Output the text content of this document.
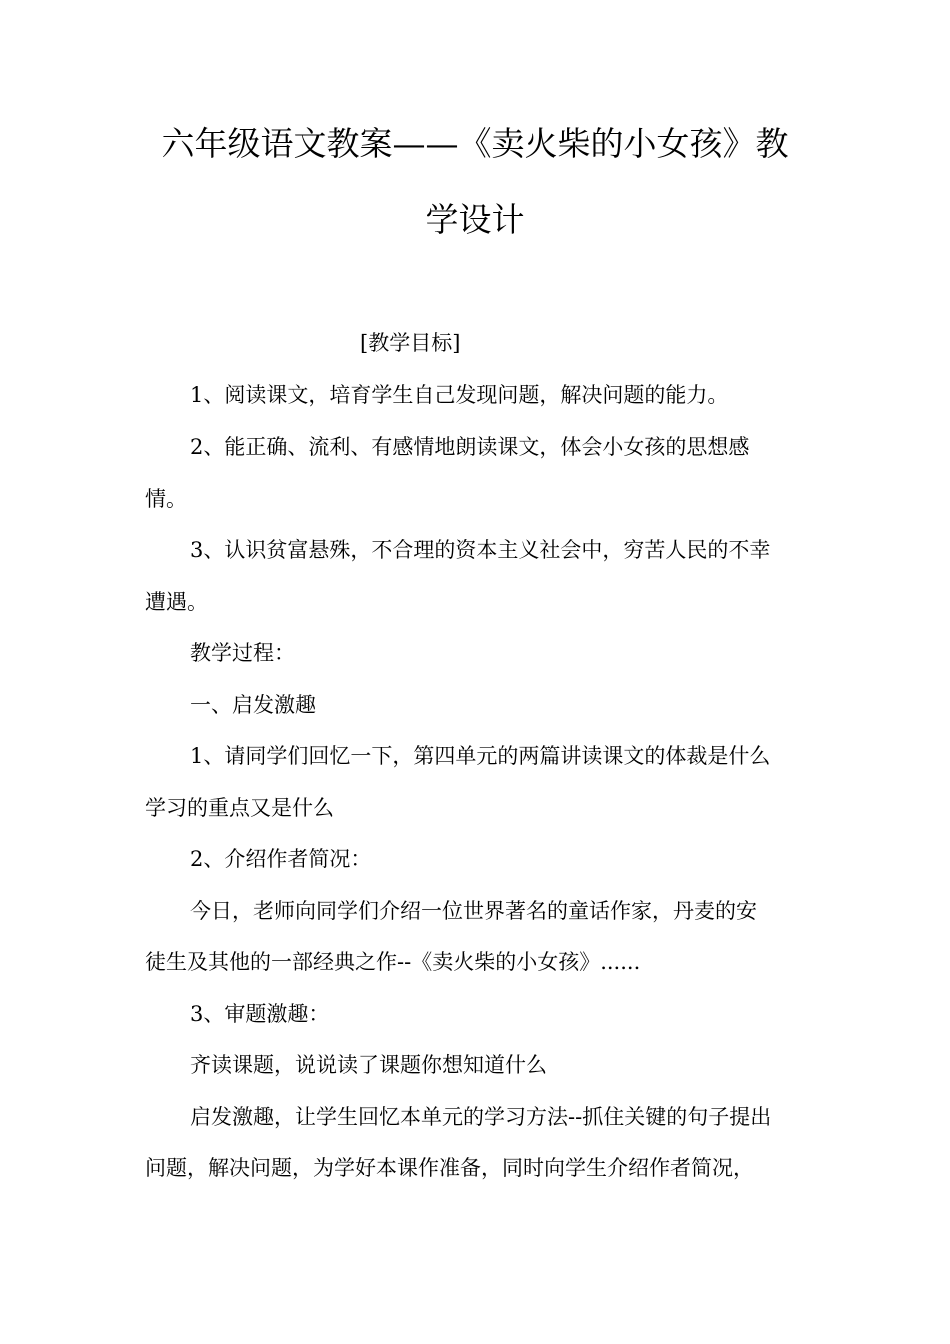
六年级语文教案——《卖火柴的小女孩》教
学设计

[教学目标]

1、阅读课文，培育学生自己发现问题，解决问题的能力。

2、能正确、流利、有感情地朗读课文，体会小女孩的思想感

情。

3、认识贫富悬殊，不合理的资本主义社会中，穷苦人民的不幸

遭遇。

教学过程：

一、启发激趣

1、请同学们回忆一下，第四单元的两篇讲读课文的体裁是什么

学习的重点又是什么

2、介绍作者简况：

今日，老师向同学们介绍一位世界著名的童话作家，丹麦的安

徒生及其他的一部经典之作--《卖火柴的小女孩》......

3、审题激趣：

齐读课题，说说读了课题你想知道什么

启发激趣，让学生回忆本单元的学习方法--抓住关键的句子提出

问题，解决问题，为学好本课作准备，同时向学生介绍作者简况，
